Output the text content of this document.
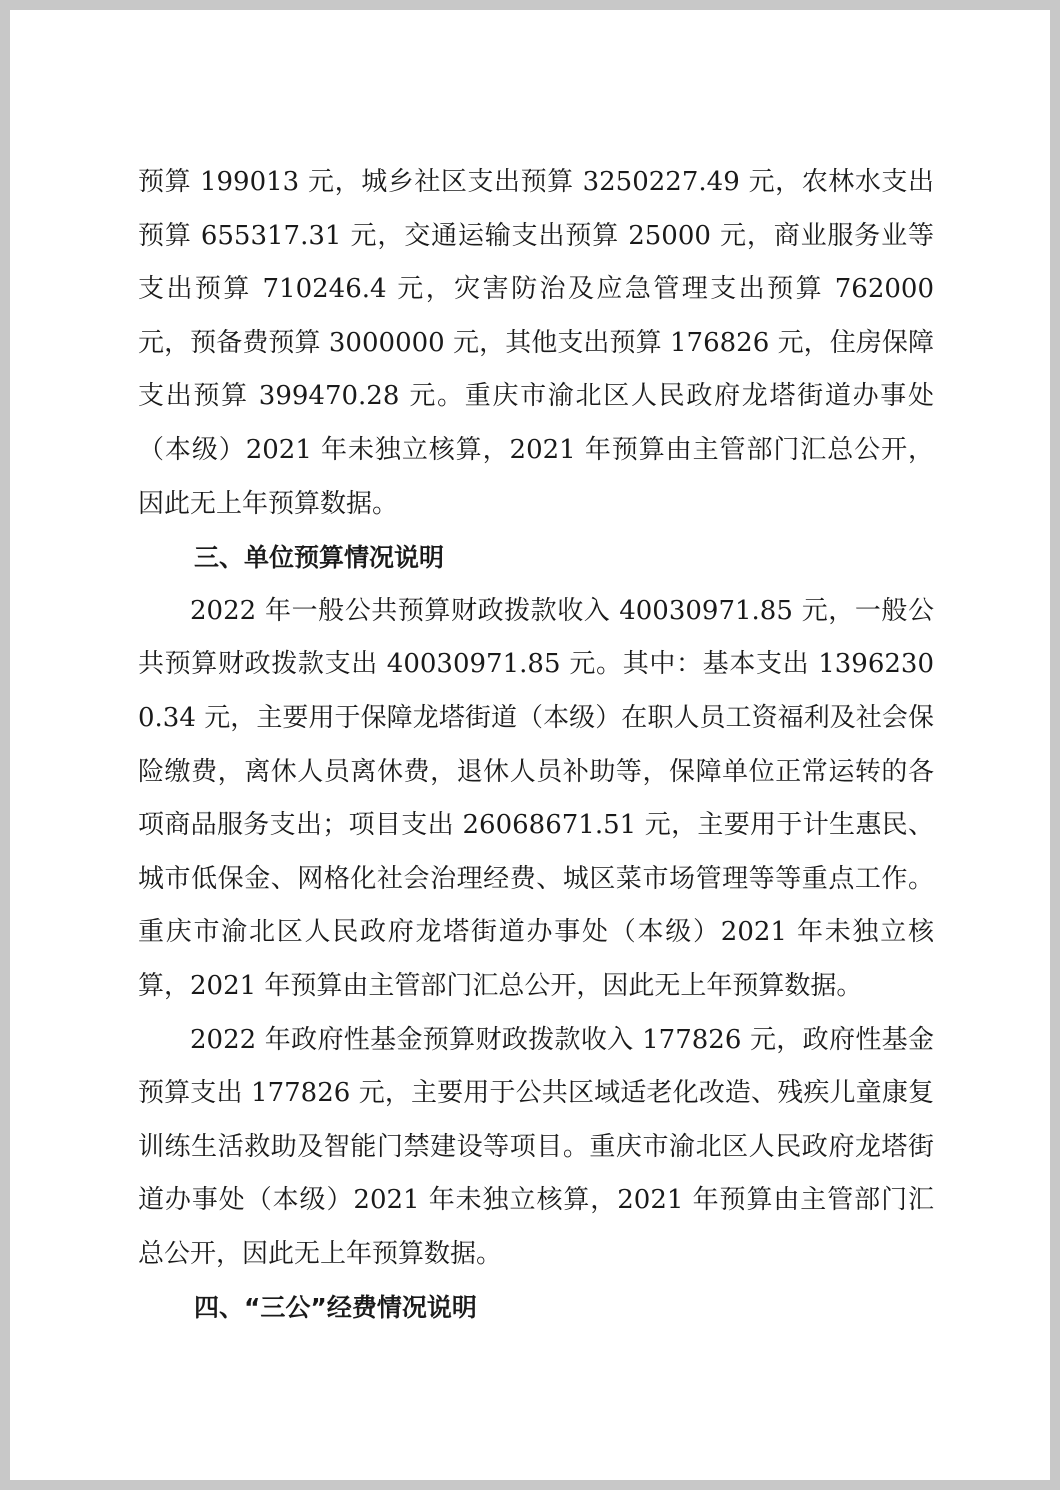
预算 199013 元，城乡社区支出预算 3250227.49 元，农林水支出预算 655317.31 元，交通运输支出预算 25000 元，商业服务业等支出预算 710246.4 元，灾害防治及应急管理支出预算 762000 元，预备费预算 3000000 元，其他支出预算 176826 元，住房保障支出预算 399470.28 元。重庆市渝北区人民政府龙塔街道办事处（本级）2021 年未独立核算，2021 年预算由主管部门汇总公开，因此无上年预算数据。

三、单位预算情况说明

2022 年一般公共预算财政拨款收入 40030971.85 元，一般公共预算财政拨款支出 40030971.85 元。其中：基本支出 13962300.34 元，主要用于保障龙塔街道（本级）在职人员工资福利及社会保险缴费，离休人员离休费，退休人员补助等，保障单位正常运转的各项商品服务支出；项目支出 26068671.51 元，主要用于计生惠民、城市低保金、网格化社会治理经费、城区菜市场管理等等重点工作。重庆市渝北区人民政府龙塔街道办事处（本级）2021 年未独立核算，2021 年预算由主管部门汇总公开，因此无上年预算数据。

2022 年政府性基金预算财政拨款收入 177826 元，政府性基金预算支出 177826 元，主要用于公共区域适老化改造、残疾儿童康复训练生活救助及智能门禁建设等项目。重庆市渝北区人民政府龙塔街道办事处（本级）2021 年未独立核算，2021 年预算由主管部门汇总公开，因此无上年预算数据。

四、“三公”经费情况说明
